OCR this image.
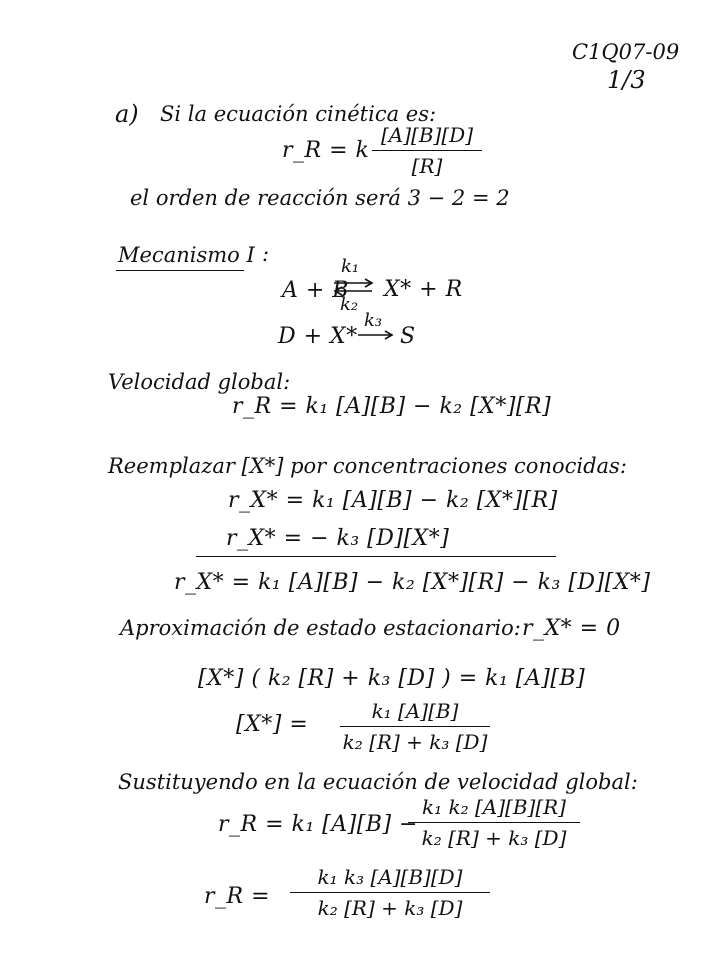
C1Q07-09
1/3
a) Si la ecuación cinética es:
r_R = k
[A][B][D]
[R]
el orden de reacción será 3 − 2 = 2
Mecanismo I :
A + B
k₁
k₂
X* + R
D + X*
k₃
S
Velocidad global:
r_R = k₁ [A][B] − k₂ [X*][R]
Reemplazar [X*] por concentraciones conocidas:
r_X* = k₁ [A][B] − k₂ [X*][R]
r_X* = − k₃ [D][X*]
r_X* = k₁ [A][B] − k₂ [X*][R] − k₃ [D][X*]
Aproximación de estado estacionario: r_X* = 0
[X*] ( k₂ [R] + k₃ [D] ) = k₁ [A][B]
[X*] =
k₁ [A][B]
k₂ [R] + k₃ [D]
Sustituyendo en la ecuación de velocidad global:
r_R = k₁ [A][B] −
k₁ k₂ [A][B][R]
k₂ [R] + k₃ [D]
r_R =
k₁ k₃ [A][B][D]
k₂ [R] + k₃ [D]
